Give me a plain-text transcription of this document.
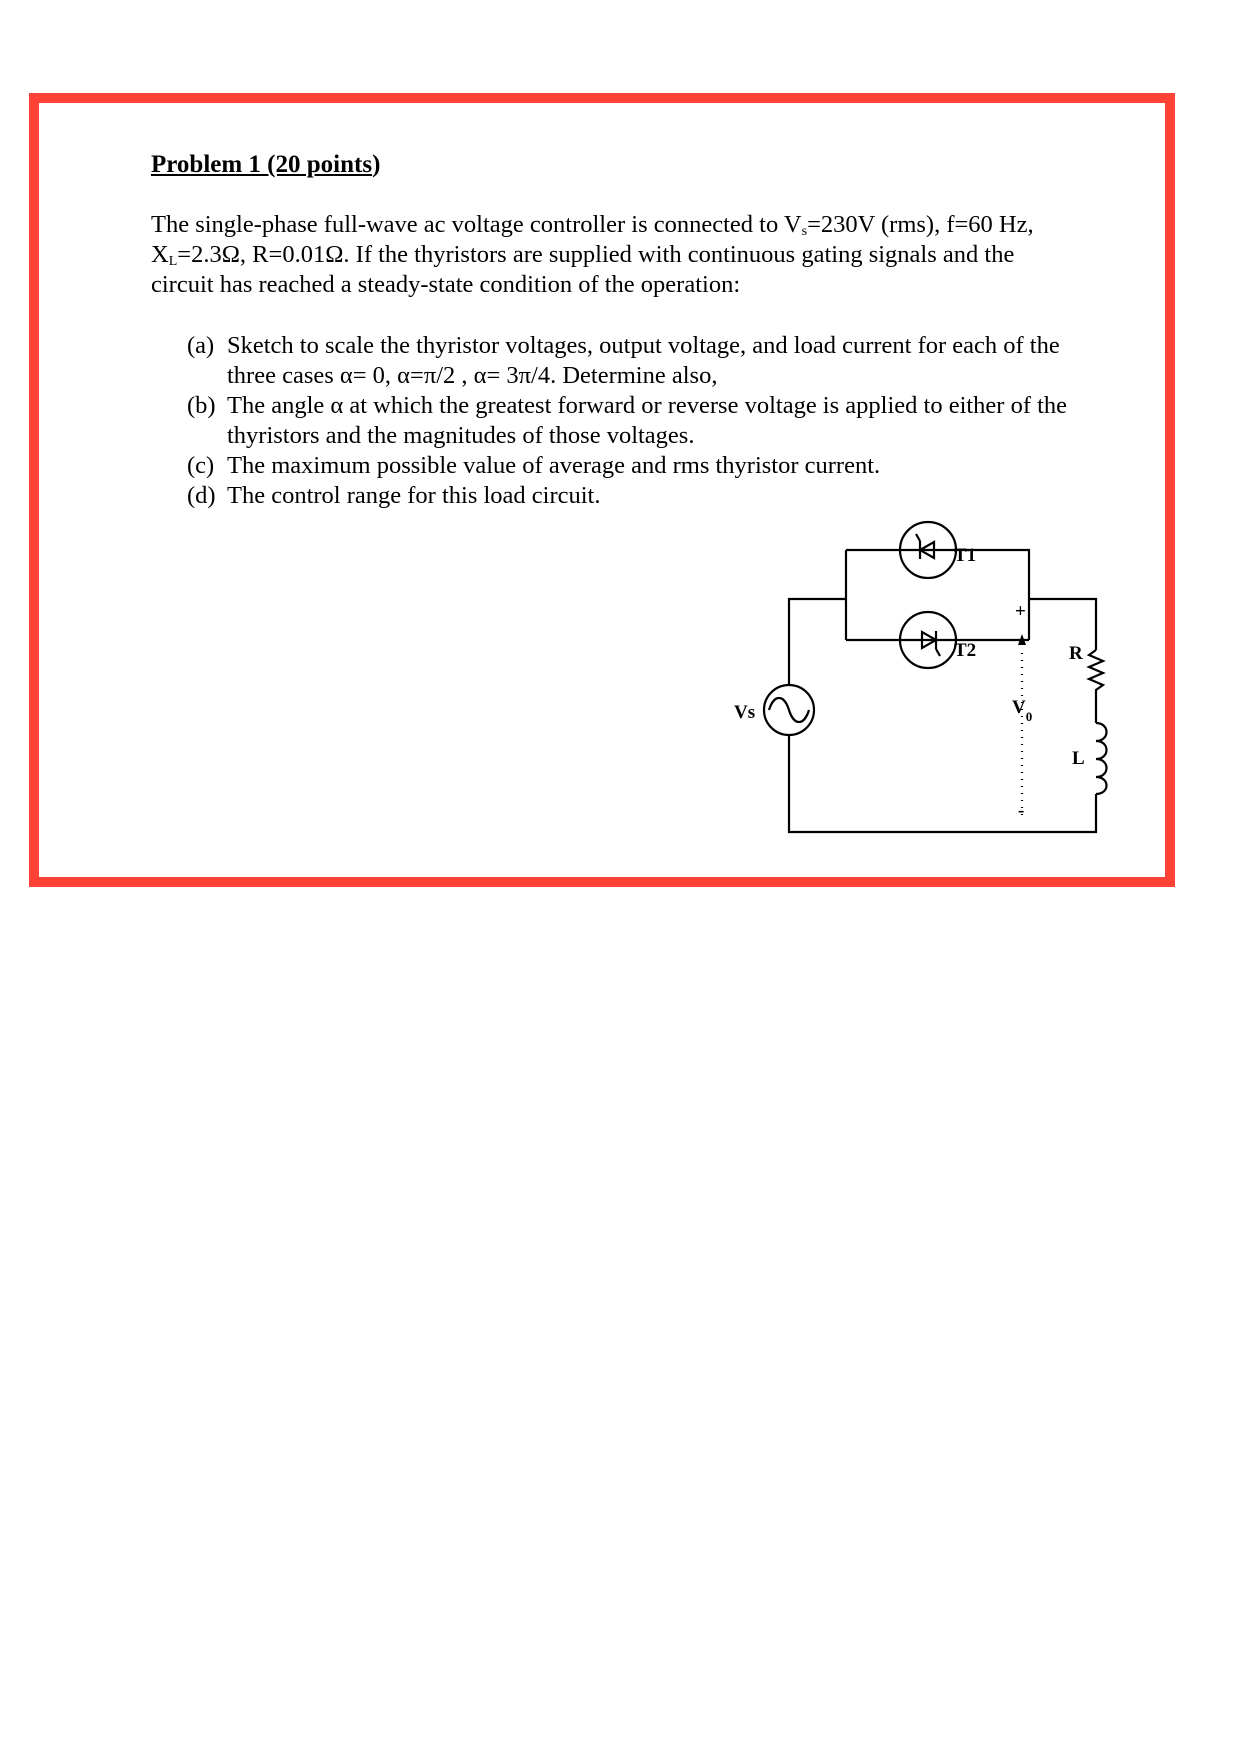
Problem 1 (20 points)

The single-phase full-wave ac voltage controller is connected to $V_s=230V$ (rms), f=60 Hz,

$X_L=2.3\Omega$, R=0.01Ω. If the thyristors are supplied with continuous gating signals and the

circuit has reached a steady-state condition of the operation:

(a) Sketch to scale the thyristor voltages, output voltage, and load current for each of the
three cases α= 0, α=π/2 , α= 3π/4. Determine also,
(b) The angle α at which the greatest forward or reverse voltage is applied to either of the
thyristors and the magnitudes of those voltages.
(c) The maximum possible value of average and rms thyristor current.
(d) The control range for this load circuit.
T1
T2
Vs	$V_0$
+
-
R
L
